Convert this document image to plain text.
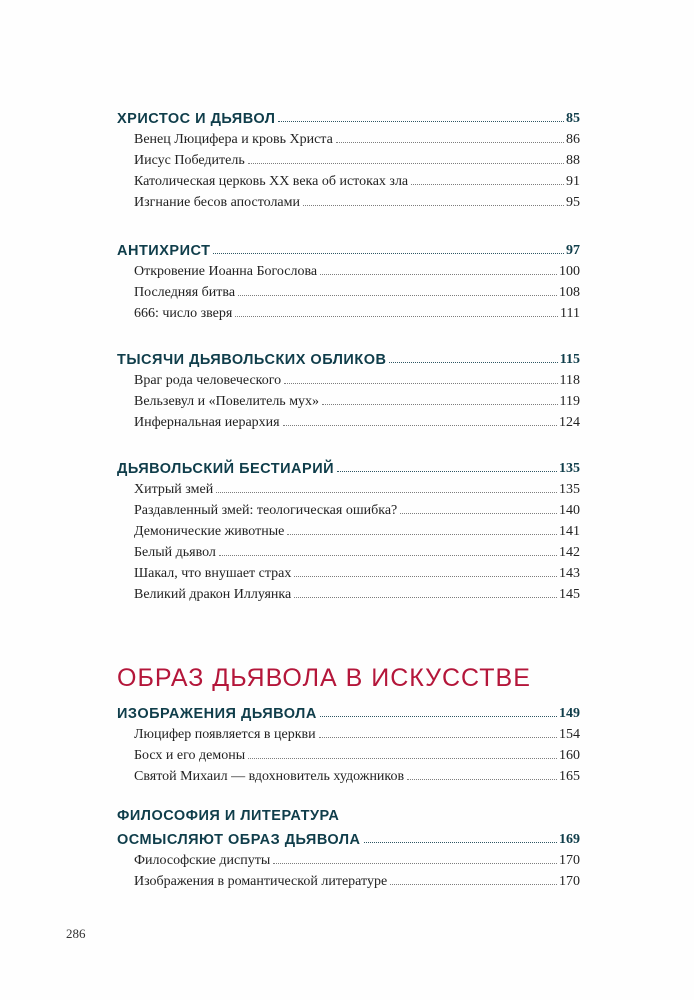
ХРИСТОС И ДЬЯВОЛ	85
Венец Люцифера и кровь Христа	86
Иисус Победитель	88
Католическая церковь XX века об истоках зла	91
Изгнание бесов апостолами	95
АНТИХРИСТ	97
Откровение Иоанна Богослова	100
Последняя битва	108
666: число зверя	111
ТЫСЯЧИ ДЬЯВОЛЬСКИХ ОБЛИКОВ	115
Враг рода человеческого	118
Вельзевул и «Повелитель мух»	119
Инфернальная иерархия	124
ДЬЯВОЛЬСКИЙ БЕСТИАРИЙ	135
Хитрый змей	135
Раздавленный змей: теологическая ошибка?	140
Демонические животные	141
Белый дьявол	142
Шакал, что внушает страх	143
Великий дракон Иллуянка	145
ОБРАЗ ДЬЯВОЛА В ИСКУССТВЕ
ИЗОБРАЖЕНИЯ ДЬЯВОЛА	149
Люцифер появляется в церкви	154
Босх и его демоны	160
Святой Михаил — вдохновитель художников	165
ФИЛОСОФИЯ И ЛИТЕРАТУРА
ОСМЫСЛЯЮТ ОБРАЗ ДЬЯВОЛА	169
Философские диспуты	170
Изображения в романтической литературе	170
286
